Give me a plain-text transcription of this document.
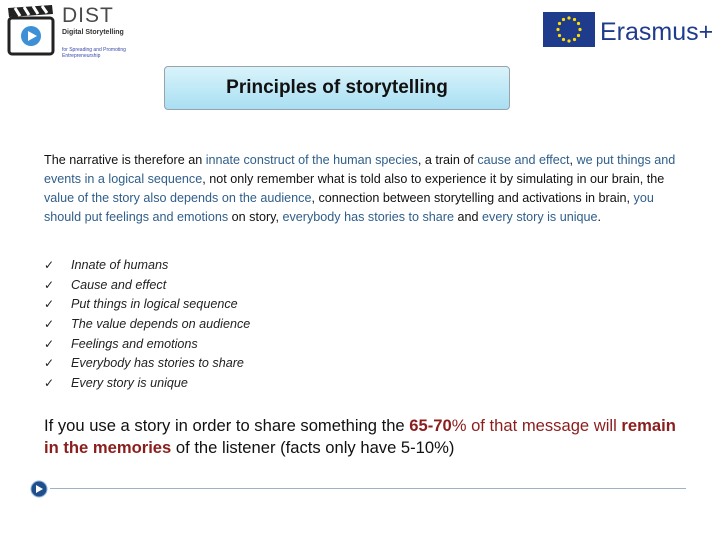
DIST
Digital Storytelling
for Spreading and Promoting Entrepreneurship
Erasmus+
Principles of storytelling
The narrative is therefore an innate construct of the human species, a train of cause and effect, we put things and events in a logical sequence, not only remember what is told also to experience it by simulating in our brain, the value of the story also depends on the audience, connection between storytelling and activations in brain, you should put feelings and emotions on story, everybody has stories to share and every story is unique.
✓	Innate of humans
✓	Cause and effect
✓	Put things in logical sequence
✓	The value depends on audience
✓	Feelings and emotions
✓	Everybody has stories to share
✓	Every story is unique
If you use a story in order to share something the 65-70% of that message will remain in the memories of the listener (facts only have 5-10%)
